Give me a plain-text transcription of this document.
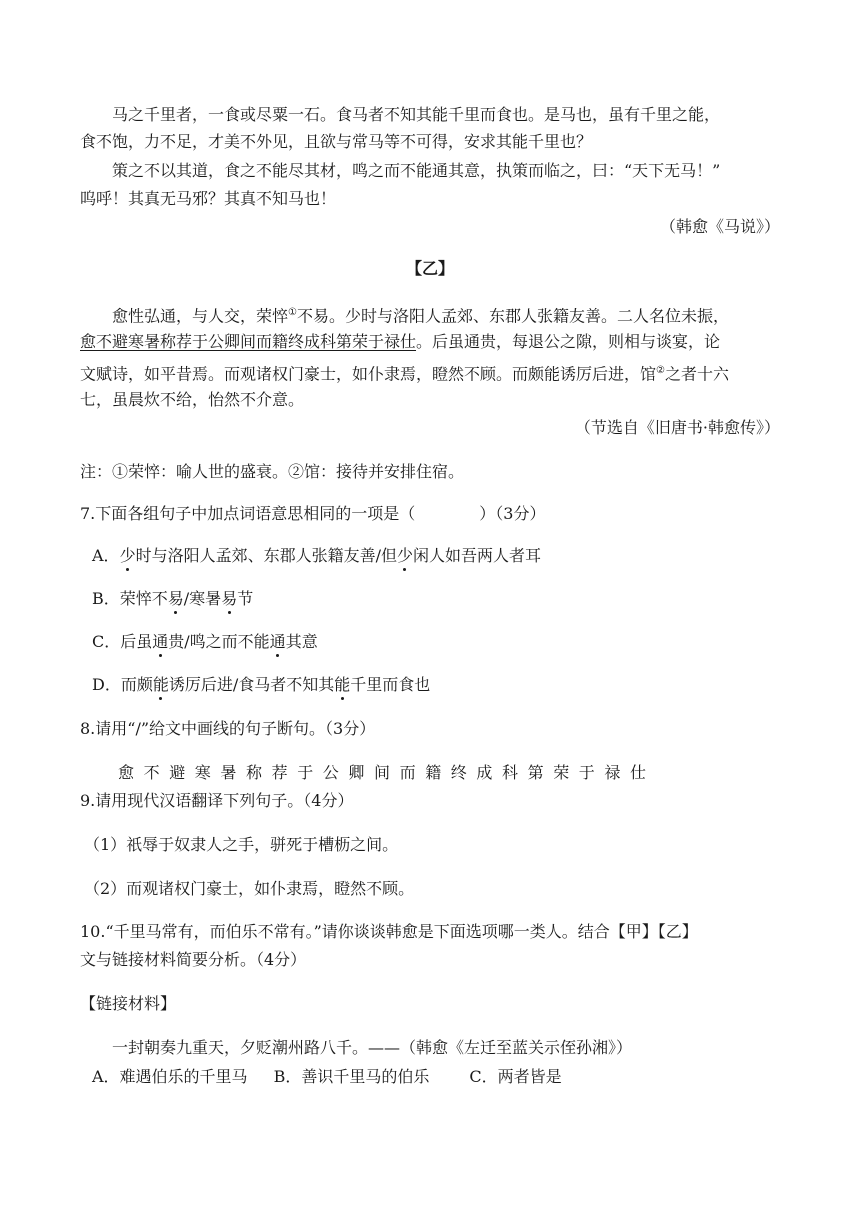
马之千里者，一食或尽粟一石。食马者不知其能千里而食也。是马也，虽有千里之能，
食不饱，力不足，才美不外见，且欲与常马等不可得，安求其能千里也？
策之不以其道，食之不能尽其材，鸣之而不能通其意，执策而临之，曰：“天下无马！”
呜呼！其真无马邪？其真不知马也！
（韩愈《马说》）
【乙】
愈性弘通，与人交，荣悴①不易。少时与洛阳人孟郊、东郡人张籍友善。二人名位未振，
愈不避寒暑称荐于公卿间而籍终成科第荣于禄仕。后虽通贵，每退公之隙，则相与谈宴，论
文赋诗，如平昔焉。而观诸权门豪士，如仆隶焉，瞪然不顾。而颇能诱厉后进，馆②之者十六
七，虽晨炊不给，怡然不介意。
（节选自《旧唐书·韩愈传》）
注：①荣悴：喻人世的盛衰。②馆：接待并安排住宿。
7.下面各组句子中加点词语意思相同的一项是（　　　　）（3分）
A．少时与洛阳人孟郊、东郡人张籍友善/但少闲人如吾两人者耳
B．荣悴不易/寒暑易节
C．后虽通贵/鸣之而不能通其意
D．而颇能诱厉后进/食马者不知其能千里而食也
8.请用“/”给文中画线的句子断句。（3分）
愈不避寒暑称荐于公卿间而籍终成科第荣于禄仕
9.请用现代汉语翻译下列句子。（4分）
（1）祇辱于奴隶人之手，骈死于槽枥之间。
（2）而观诸权门豪士，如仆隶焉，瞪然不顾。
10.“千里马常有，而伯乐不常有。”请你谈谈韩愈是下面选项哪一类人。结合【甲】【乙】
文与链接材料简要分析。（4分）
【链接材料】
一封朝奏九重天，夕贬潮州路八千。——（韩愈《左迁至蓝关示侄孙湘》）
A．难遇伯乐的千里马 B．善识千里马的伯乐	C．两者皆是
